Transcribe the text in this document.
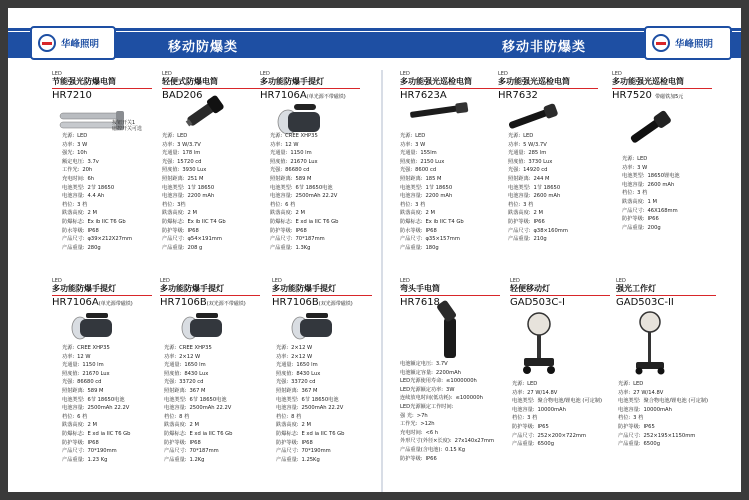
华峰照明	移动防爆类	移动非防爆类	华峰照明
LED
节能强光防爆电筒
HR7210
按钮开关1
磁控开关可选
光源: LED
功率: 3 W
强光: 10h
额定电压: 3.7v
工作光: 20h
充电时间: 6h
电池类型: 2节 18650
电池容量: 4.4 Ah
档位: 3 档
跌落高度: 2 M
防爆标志: Ex ib IIC T6 Gb
防水等级: IP68
产品尺寸: φ39×212X27mm
产品重量: 280g
LED
轻便式防爆电筒
BAD206
光源: LED
功率: 3 W/3.7V
光通量: 178 lm
光强: 15720 cd
照度值: 3930 Lux
照射距离: 251 M
电池类型: 1节 18650
电池容量: 2200 mAh
档位: 3档
跌落高度: 2 M
防爆标志: Ex ib IIC T4 Gb
防护等级: IP68
产品尺寸: φ54×191mm
产品重量: 208 g
LED
多功能防爆手提灯
HR7106A(单光源不带磁铁)
光源: CREE XHP35
功率: 12 W
光通量: 1150 lm
照度值: 21670 Lux
光强: 86680 cd
照射距离: 589 M
电池类型: 6节 18650电池
电池容量: 2500mAh 22.2V
档位: 6 档
跌落高度: 2 M
防爆标志: E xd ia IIC T6 Gb
防护等级: IP68
产品尺寸: 70*187mm
产品重量: 1.3Kg
LED
多功能强光巡检电筒
HR7623A
光源: LED
功率: 3 W
光通量: 155lm
照度值: 2150 Lux
光强: 8600 cd
照射距离: 185 M
电池类型: 1节 18650
电池容量: 2200 mAh
档位: 3 档
跌落高度: 2 M
防爆标志: Ex ib IIC T4 Gb
防水等级: IP68
产品尺寸: φ35×157mm
产品重量: 180g
LED
多功能强光巡检电筒
HR7632
光源: LED
功率: 5 W/3.7V
光通量: 285 lm
照度值: 3730 Lux
光强: 14920 cd
照射距离: 244 M
电池类型: 1节 18650
电池容量: 2600 mAh
档位: 3 档
跌落高度: 2 M
防护等级: IP66
产品尺寸: φ38×160mm
产品重量: 210g
LED
多功能强光巡检电筒
HR7520 带磁铁加5元
光源: LED
功率: 3 W
电池类型: 18650锂电池
电池容量: 2600 mAh
档位: 3 档
跌落高度: 1 M
产品尺寸: 46X168mm
防护等级: IP66
产品重量: 200g
LED
多功能防爆手提灯
HR7106A(单光源带磁铁)
光源: CREE XHP35
功率: 12 W
光通量: 1150 lm
照度值: 21670 Lux
光强: 86680 cd
照射距离: 589 M
电池类型: 6节 18650电池
电池容量: 2500mAh 22.2V
档位: 6 档
跌落高度: 2 M
防爆标志: E xd ia IIC T6 Gb
防护等级: IP68
产品尺寸: 70*190mm
产品重量: 1.23 Kg
LED
多功能防爆手提灯
HR7106B(双光源不带磁铁)
光源: CREE XHP35
功率: 2×12 W
光通量: 1650 lm
照度值: 8430 Lux
光强: 33720 cd
照射距离: 367 M
电池类型: 6节 18650电池
电池容量: 2500mAh 22.2V
档位: 8 档
跌落高度: 2 M
防爆标志: E xd ia IIC T6 Gb
防护等级: IP68
产品尺寸: 70*187mm
产品重量: 1.2Kg
LED
多功能防爆手提灯
HR7106B(双光源带磁铁)
光源: 2×12 W
功率: 2×12 W
光通量: 1650 lm
照度值: 8430 Lux
光强: 33720 cd
照射距离: 367 M
电池类型: 6节 18650电池
电池容量: 2500mAh 22.2V
档位: 8 档
跌落高度: 2 M
防爆标志: E xd ia IIC T6 Gb
防护等级: IP68
产品尺寸: 70*190mm
产品重量: 1.25Kg
LED
弯头手电筒
HR7618
电池额定电压: 3.7V
电池额定容量: 2200mAh
LED光源使用寿命: ≤1000000h
LED光源额定功率: 3W
连续放电时间(低功耗): ≤100000h
LED光源额定工作时间:
强 光: >7h
工作光: >12h
充电时间: <6 h
外形尺寸(外径×长度): 27x140x27mm
产品重量(含电池): 0.15 Kg
防护等级: IP66
LED
轻便移动灯
GAD503C-I
光源: LED
功率: 27 W/14.8V
电池类型: 聚合物电池/锂电池 (可定制)
电池容量: 10000mAh
档位: 3 档
防护等级: IP65
产品尺寸: 252×200×722mm
产品重量: 6500g
LED
强光工作灯
GAD503C-II
光源: LED
功率: 27 W/14.8V
电池类型: 聚合物电池/锂电池 (可定制)
电池容量: 10000mAh
档位: 3 档
防护等级: IP65
产品尺寸: 252×195×1150mm
产品重量: 6500g
